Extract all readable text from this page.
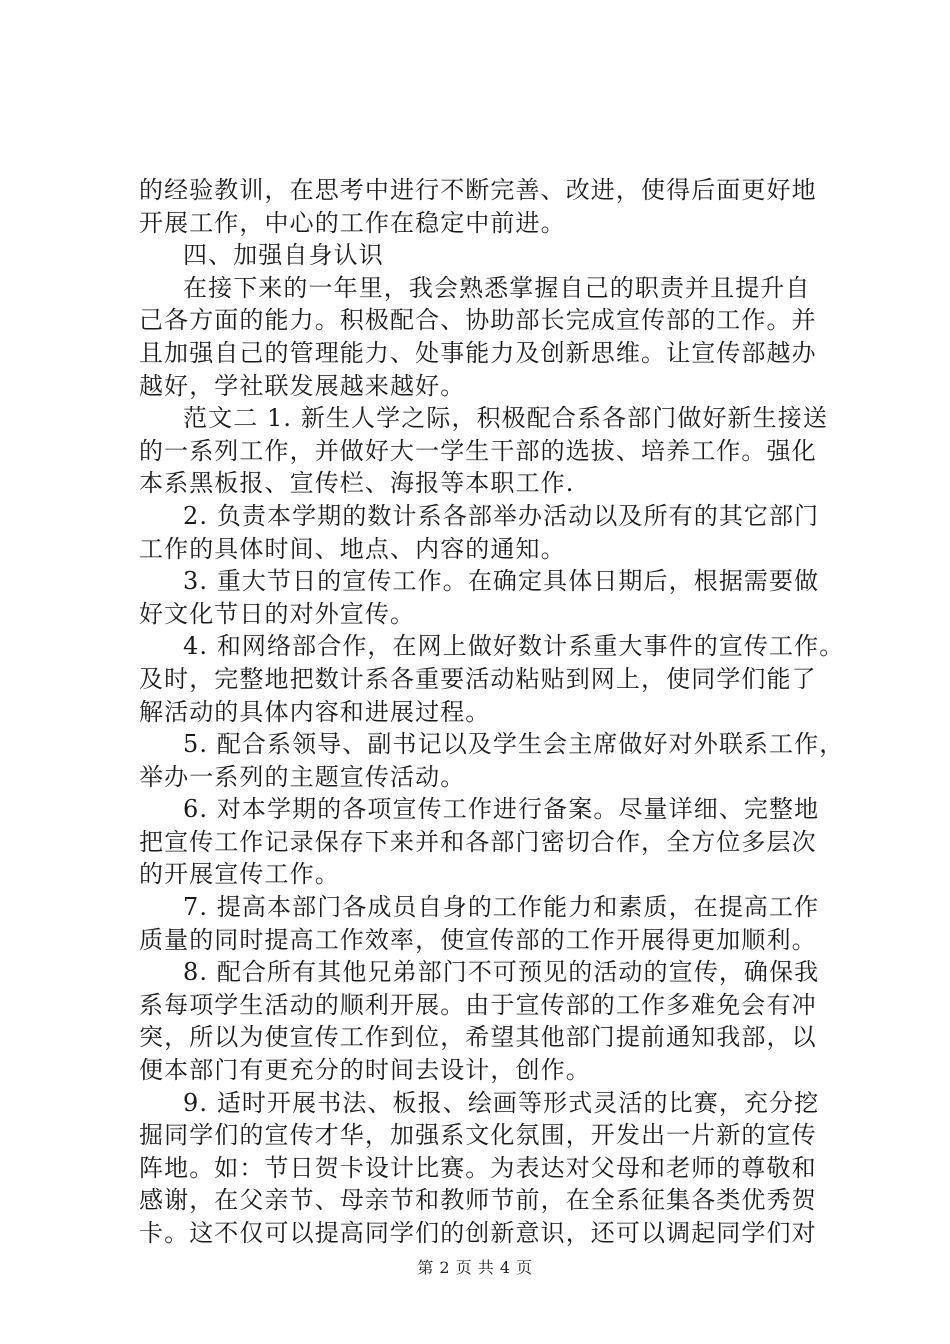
的经验教训，在思考中进行不断完善、改进，使得后面更好地
开展工作，中心的工作在稳定中前进。
四、加强自身认识
在接下来的一年里，我会熟悉掌握自己的职责并且提升自
己各方面的能力。积极配合、协助部长完成宣传部的工作。并
且加强自己的管理能力、处事能力及创新思维。让宣传部越办
越好，学社联发展越来越好。
范文二 1. 新生人学之际，积极配合系各部门做好新生接送
的一系列工作，并做好大一学生干部的选拔、培养工作。强化
本系黑板报、宣传栏、海报等本职工作.
2. 负责本学期的数计系各部举办活动以及所有的其它部门
工作的具体时间、地点、内容的通知。
3. 重大节日的宣传工作。在确定具体日期后，根据需要做
好文化节日的对外宣传。
4. 和网络部合作，在网上做好数计系重大事件的宣传工作。
及时，完整地把数计系各重要活动粘贴到网上，使同学们能了
解活动的具体内容和进展过程。
5. 配合系领导、副书记以及学生会主席做好对外联系工作，
举办一系列的主题宣传活动。
6. 对本学期的各项宣传工作进行备案。尽量详细、完整地
把宣传工作记录保存下来并和各部门密切合作，全方位多层次
的开展宣传工作。
7. 提高本部门各成员自身的工作能力和素质，在提高工作
质量的同时提高工作效率，使宣传部的工作开展得更加顺利。
8. 配合所有其他兄弟部门不可预见的活动的宣传，确保我
系每项学生活动的顺利开展。由于宣传部的工作多难免会有冲
突，所以为使宣传工作到位，希望其他部门提前通知我部，以
便本部门有更充分的时间去设计，创作。
9. 适时开展书法、板报、绘画等形式灵活的比赛，充分挖
掘同学们的宣传才华，加强系文化氛围，开发出一片新的宣传
阵地。如：节日贺卡设计比赛。为表达对父母和老师的尊敬和
感谢，在父亲节、母亲节和教师节前，在全系征集各类优秀贺
卡。这不仅可以提高同学们的创新意识，还可以调起同学们对
第 2 页 共 4 页
